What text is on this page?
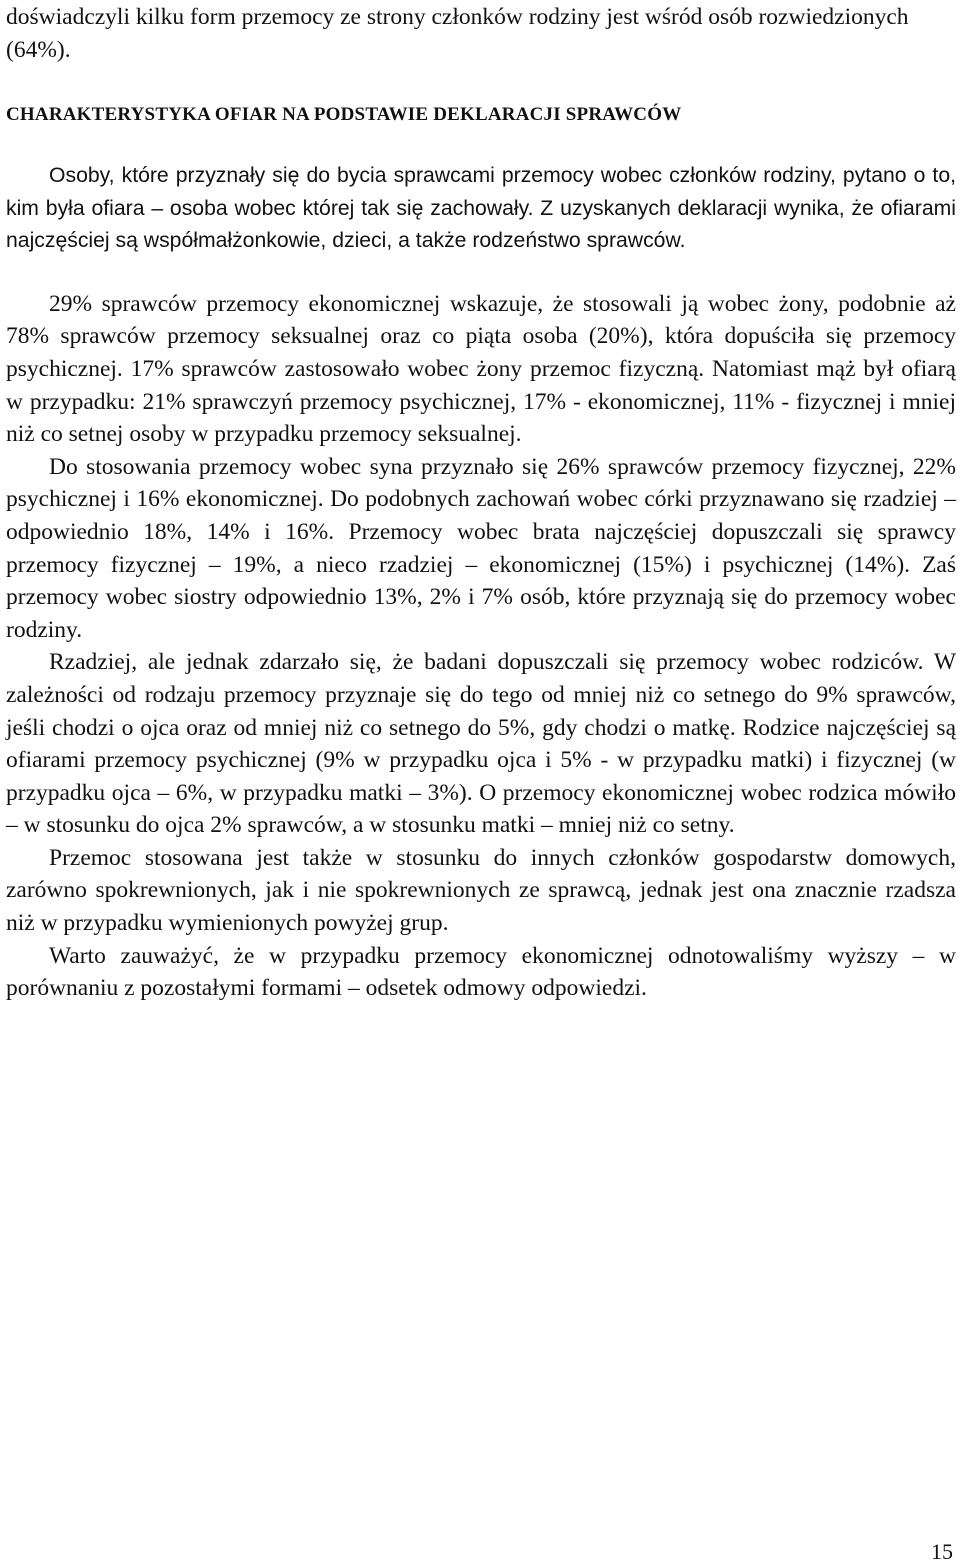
doświadczyli kilku form przemocy ze strony członków rodziny jest wśród osób rozwiedzionych (64%).

CHARAKTERYSTYKA OFIAR NA PODSTAWIE DEKLARACJI SPRAWCÓW

Osoby, które przyznały się do bycia sprawcami przemocy wobec członków rodziny, pytano o to, kim była ofiara – osoba wobec której tak się zachowały. Z uzyskanych deklaracji wynika, że ofiarami najczęściej są współmałżonkowie, dzieci, a także rodzeństwo sprawców.

29% sprawców przemocy ekonomicznej wskazuje, że stosowali ją wobec żony, podobnie aż 78% sprawców przemocy seksualnej oraz co piąta osoba (20%), która dopuściła się przemocy psychicznej. 17% sprawców zastosowało wobec żony przemoc fizyczną. Natomiast mąż był ofiarą w przypadku: 21% sprawczyń przemocy psychicznej, 17% - ekonomicznej, 11% - fizycznej i mniej niż co setnej osoby w przypadku przemocy seksualnej.

Do stosowania przemocy wobec syna przyznało się 26% sprawców przemocy fizycznej, 22% psychicznej i 16% ekonomicznej. Do podobnych zachowań wobec córki przyznawano się rzadziej – odpowiednio 18%, 14% i 16%. Przemocy wobec brata najczęściej dopuszczali się sprawcy przemocy fizycznej – 19%, a nieco rzadziej – ekonomicznej (15%) i psychicznej (14%). Zaś przemocy wobec siostry odpowiednio 13%, 2% i 7% osób, które przyznają się do przemocy wobec rodziny.

Rzadziej, ale jednak zdarzało się, że badani dopuszczali się przemocy wobec rodziców. W zależności od rodzaju przemocy przyznaje się do tego od mniej niż co setnego do 9% sprawców, jeśli chodzi o ojca oraz od mniej niż co setnego do 5%, gdy chodzi o matkę. Rodzice najczęściej są ofiarami przemocy psychicznej (9% w przypadku ojca i 5% - w przypadku matki) i fizycznej (w przypadku ojca – 6%, w przypadku matki – 3%). O przemocy ekonomicznej wobec rodzica mówiło – w stosunku do ojca 2% sprawców, a w stosunku matki – mniej niż co setny.

Przemoc stosowana jest także w stosunku do innych członków gospodarstw domowych, zarówno spokrewnionych, jak i nie spokrewnionych ze sprawcą, jednak jest ona znacznie rzadsza niż w przypadku wymienionych powyżej grup.

Warto zauważyć, że w przypadku przemocy ekonomicznej odnotowaliśmy wyższy – w porównaniu z pozostałymi formami – odsetek odmowy odpowiedzi.

15
